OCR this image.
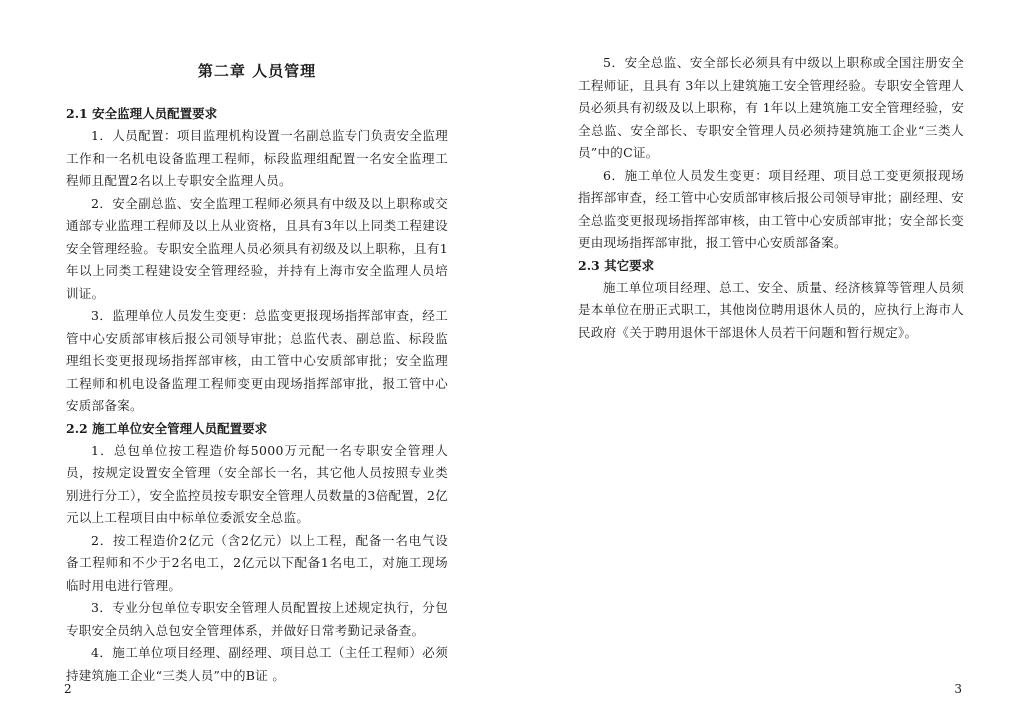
第二章 人员管理
2.1 安全监理人员配置要求

1．人员配置：项目监理机构设置一名副总监专门负责安全监理工作和一名机电设备监理工程师，标段监理组配置一名安全监理工程师且配置2名以上专职安全监理人员。

2．安全副总监、安全监理工程师必须具有中级及以上职称或交通部专业监理工程师及以上从业资格，且具有3年以上同类工程建设安全管理经验。专职安全监理人员必须具有初级及以上职称，且有1年以上同类工程建设安全管理经验，并持有上海市安全监理人员培训证。

3．监理单位人员发生变更：总监变更报现场指挥部审查，经工管中心安质部审核后报公司领导审批；总监代表、副总监、标段监理组长变更报现场指挥部审核，由工管中心安质部审批；安全监理工程师和机电设备监理工程师变更由现场指挥部审批，报工管中心安质部备案。

2.2 施工单位安全管理人员配置要求

1．总包单位按工程造价每5000万元配一名专职安全管理人员，按规定设置安全管理（安全部长一名，其它他人员按照专业类别进行分工），安全监控员按专职安全管理人员数量的3倍配置，2亿元以上工程项目由中标单位委派安全总监。

2．按工程造价2亿元（含2亿元）以上工程，配备一名电气设备工程师和不少于2名电工，2亿元以下配备1名电工，对施工现场临时用电进行管理。

3．专业分包单位专职安全管理人员配置按上述规定执行，分包专职安全员纳入总包安全管理体系，并做好日常考勤记录备查。

4．施工单位项目经理、副经理、项目总工（主任工程师）必须持建筑施工企业“三类人员”中的B证 。

2

5．安全总监、安全部长必须具有中级以上职称或全国注册安全工程师证，且具有 3年以上建筑施工安全管理经验。专职安全管理人员必须具有初级及以上职称，有 1年以上建筑施工安全管理经验，安全总监、安全部长、专职安全管理人员必须持建筑施工企业“三类人员”中的C证。

6．施工单位人员发生变更：项目经理、项目总工变更须报现场指挥部审查，经工管中心安质部审核后报公司领导审批；副经理、安全总监变更报现场指挥部审核，由工管中心安质部审批；安全部长变更由现场指挥部审批，报工管中心安质部备案。

2.3 其它要求

施工单位项目经理、总工、安全、质量、经济核算等管理人员须是本单位在册正式职工，其他岗位聘用退休人员的，应执行上海市人民政府《关于聘用退休干部退休人员若干问题和暂行规定》。

3
